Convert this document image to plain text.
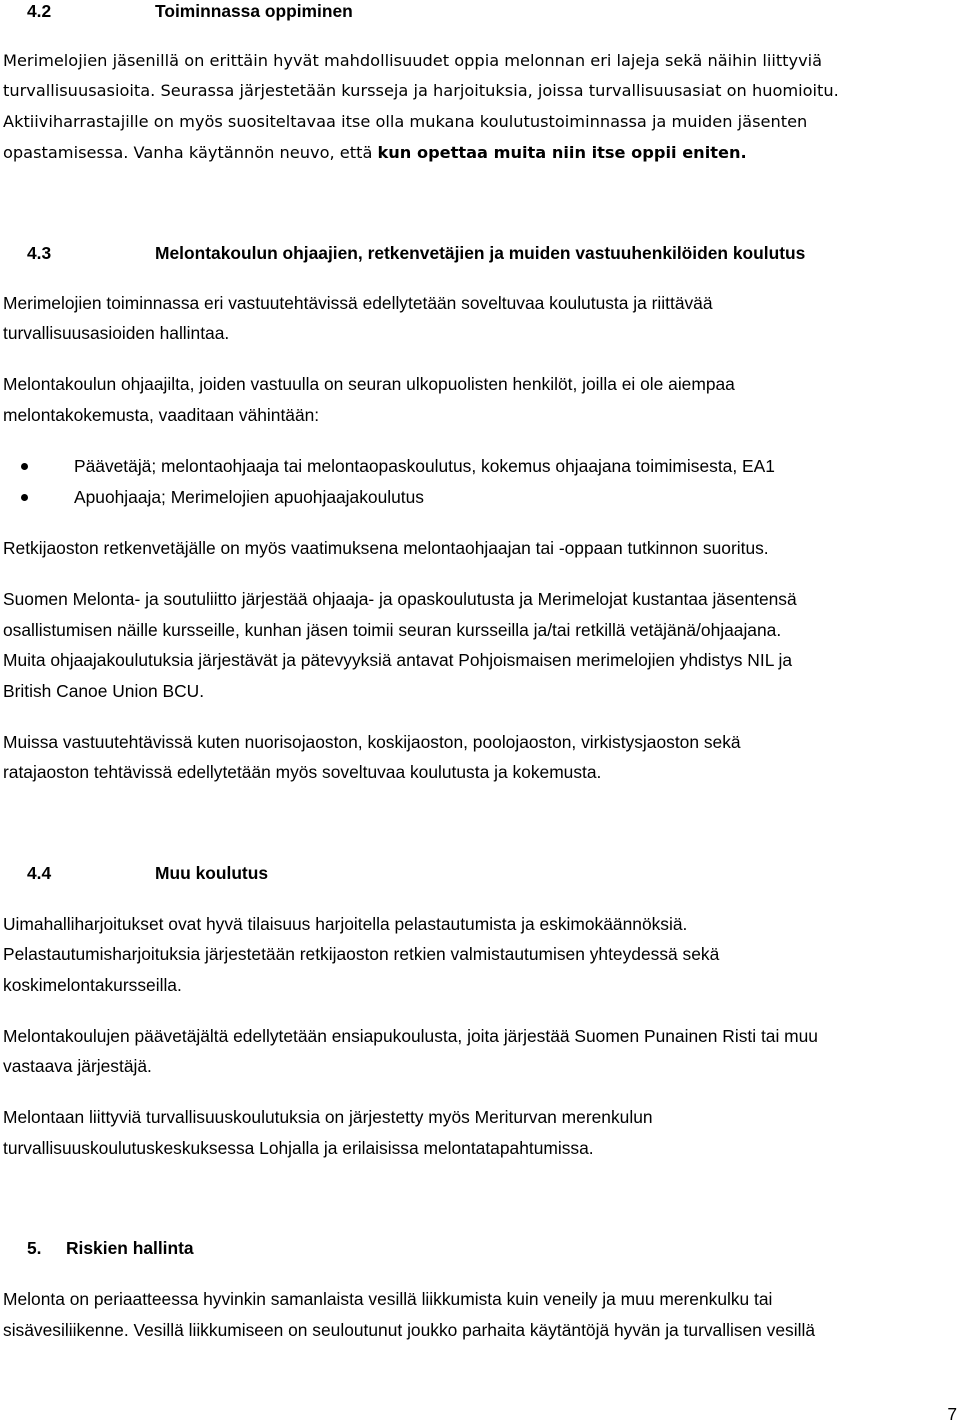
4.2	Toiminnassa oppiminen
Merimelojien jäsenillä on erittäin hyvät mahdollisuudet oppia melonnan eri lajeja sekä näihin liittyviä
turvallisuusasioita. Seurassa järjestetään kursseja ja harjoituksia, joissa turvallisuusasiat on huomioitu.
Aktiiviharrastajille on myös suositeltavaa itse olla mukana koulutustoiminnassa ja muiden jäsenten
opastamisessa. Vanha käytännön neuvo, että kun opettaa muita niin itse oppii eniten.
4.3	Melontakoulun ohjaajien, retkenvetäjien ja muiden vastuuhenkilöiden koulutus
Merimelojien toiminnassa eri vastuutehtävissä edellytetään soveltuvaa koulutusta ja riittävää
turvallisuusasioiden hallintaa.
Melontakoulun ohjaajilta, joiden vastuulla on seuran ulkopuolisten henkilöt, joilla ei ole aiempaa
melontakokemusta, vaaditaan vähintään:
Päävetäjä; melontaohjaaja tai melontaopaskoulutus, kokemus ohjaajana toimimisesta, EA1
Apuohjaaja; Merimelojien apuohjaajakoulutus
Retkijaoston retkenvetäjälle on myös vaatimuksena melontaohjaajan tai -oppaan tutkinnon suoritus.
Suomen Melonta- ja soutuliitto järjestää ohjaaja- ja opaskoulutusta ja Merimelojat kustantaa jäsentensä
osallistumisen näille kursseille, kunhan jäsen toimii seuran kursseilla ja/tai retkillä vetäjänä/ohjaajana.
Muita ohjaajakoulutuksia järjestävät ja pätevyyksiä antavat Pohjoismaisen merimelojien yhdistys NIL ja
British Canoe Union BCU.
Muissa vastuutehtävissä kuten nuorisojaoston, koskijaoston, poolojaoston, virkistysjaoston sekä
ratajaoston tehtävissä edellytetään myös soveltuvaa koulutusta ja kokemusta.
4.4	Muu koulutus
Uimahalliharjoitukset ovat hyvä tilaisuus harjoitella pelastautumista ja eskimokäännöksiä.
Pelastautumisharjoituksia järjestetään retkijaoston retkien valmistautumisen yhteydessä sekä
koskimelontakursseilla.
Melontakoulujen päävetäjältä edellytetään ensiapukoulusta, joita järjestää Suomen Punainen Risti tai muu
vastaava järjestäjä.
Melontaan liittyviä turvallisuuskoulutuksia on järjestetty myös Meriturvan merenkulun
turvallisuuskoulutuskeskuksessa Lohjalla ja erilaisissa melontatapahtumissa.
5. Riskien hallinta
Melonta on periaatteessa hyvinkin samanlaista vesillä liikkumista kuin veneily ja muu merenkulku tai
sisävesiliikenne. Vesillä liikkumiseen on seuloutunut joukko parhaita käytäntöjä hyvän ja turvallisen vesillä
7
